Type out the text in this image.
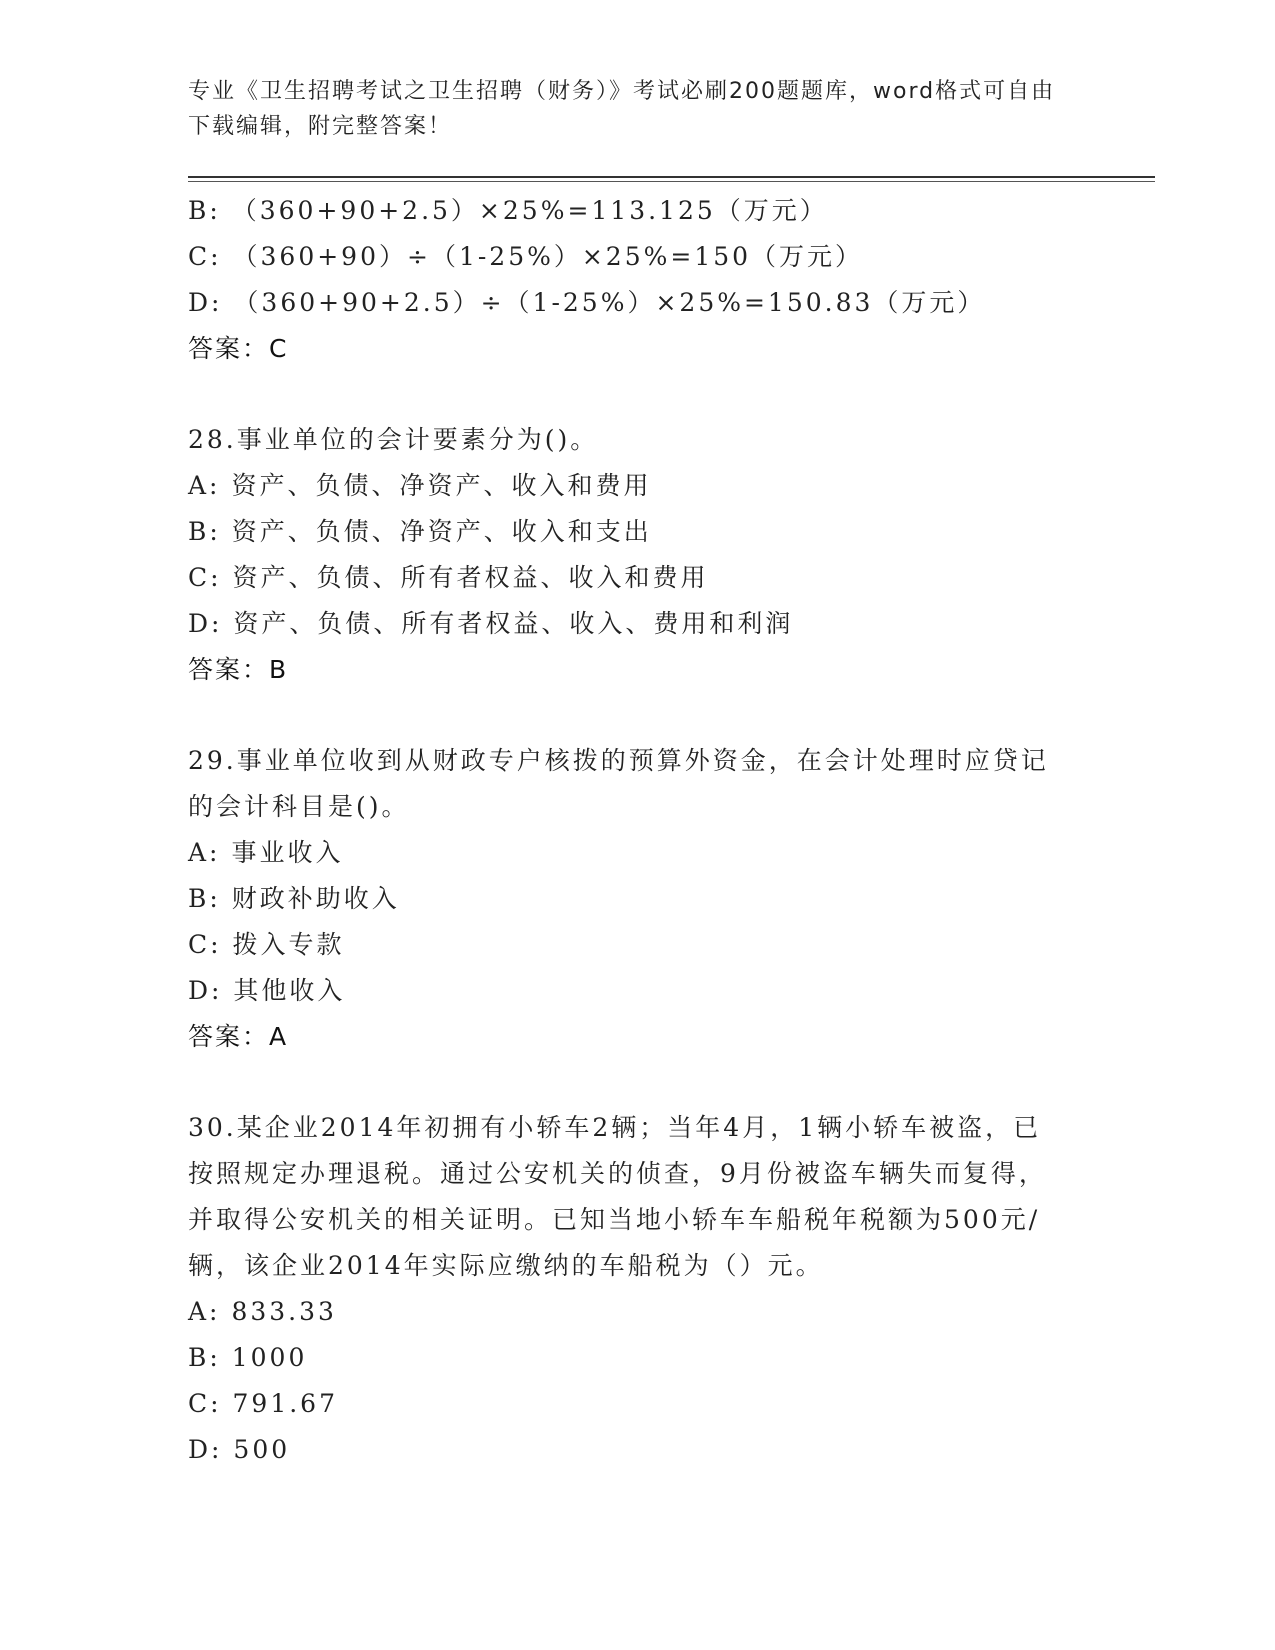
专业《卫生招聘考试之卫生招聘（财务）》考试必刷200题题库，word格式可自由下载编辑，附完整答案！
B: （360+90+2.5）×25%=113.125（万元）
C: （360+90）÷（1-25%）×25%=150（万元）
D: （360+90+2.5）÷（1-25%）×25%=150.83（万元）
答案：C
28.事业单位的会计要素分为()。
A: 资产、负债、净资产、收入和费用
B: 资产、负债、净资产、收入和支出
C: 资产、负债、所有者权益、收入和费用
D: 资产、负债、所有者权益、收入、费用和利润
答案：B
29.事业单位收到从财政专户核拨的预算外资金，在会计处理时应贷记的会计科目是()。
A: 事业收入
B: 财政补助收入
C: 拨入专款
D: 其他收入
答案：A
30.某企业2014年初拥有小轿车2辆；当年4月，1辆小轿车被盗，已按照规定办理退税。通过公安机关的侦查，9月份被盗车辆失而复得，并取得公安机关的相关证明。已知当地小轿车车船税年税额为500元/辆，该企业2014年实际应缴纳的车船税为（）元。
A: 833.33
B: 1000
C: 791.67
D: 500
